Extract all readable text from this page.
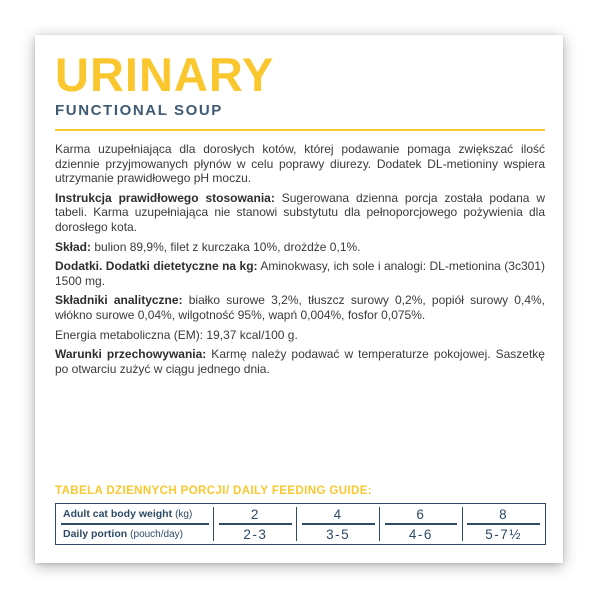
URINARY
FUNCTIONAL SOUP

Karma uzupełniająca dla dorosłych kotów, której podawanie pomaga zwiększać ilość dziennie przyjmowanych płynów w celu poprawy diurezy. Dodatek DL-metioniny wspiera utrzymanie prawidłowego pH moczu.

Instrukcja prawidłowego stosowania: Sugerowana dzienna porcja została podana w tabeli. Karma uzupełniająca nie stanowi substytutu dla pełnoporcjowego pożywienia dla dorosłego kota.

Skład: bulion 89,9%, filet z kurczaka 10%, drożdże 0,1%.

Dodatki. Dodatki dietetyczne na kg: Aminokwasy, ich sole i analogi: DL-metionina (3c301) 1500 mg.

Składniki analityczne: białko surowe 3,2%, tłuszcz surowy 0,2%, popiół surowy 0,4%, włókno surowe 0,04%, wilgotność 95%, wapń 0,004%, fosfor 0,075%.

Energia metaboliczna (EM): 19,37 kcal/100 g.

Warunki przechowywania: Karmę należy podawać w temperaturze pokojowej. Saszetkę po otwarciu zużyć w ciągu jednego dnia.

TABELA DZIENNYCH PORCJI/ DAILY FEEDING GUIDE:
Adult cat body weight (kg)	2	4	6	8
Daily portion (pouch/day)	2-3	3-5	4-6	5-7½
